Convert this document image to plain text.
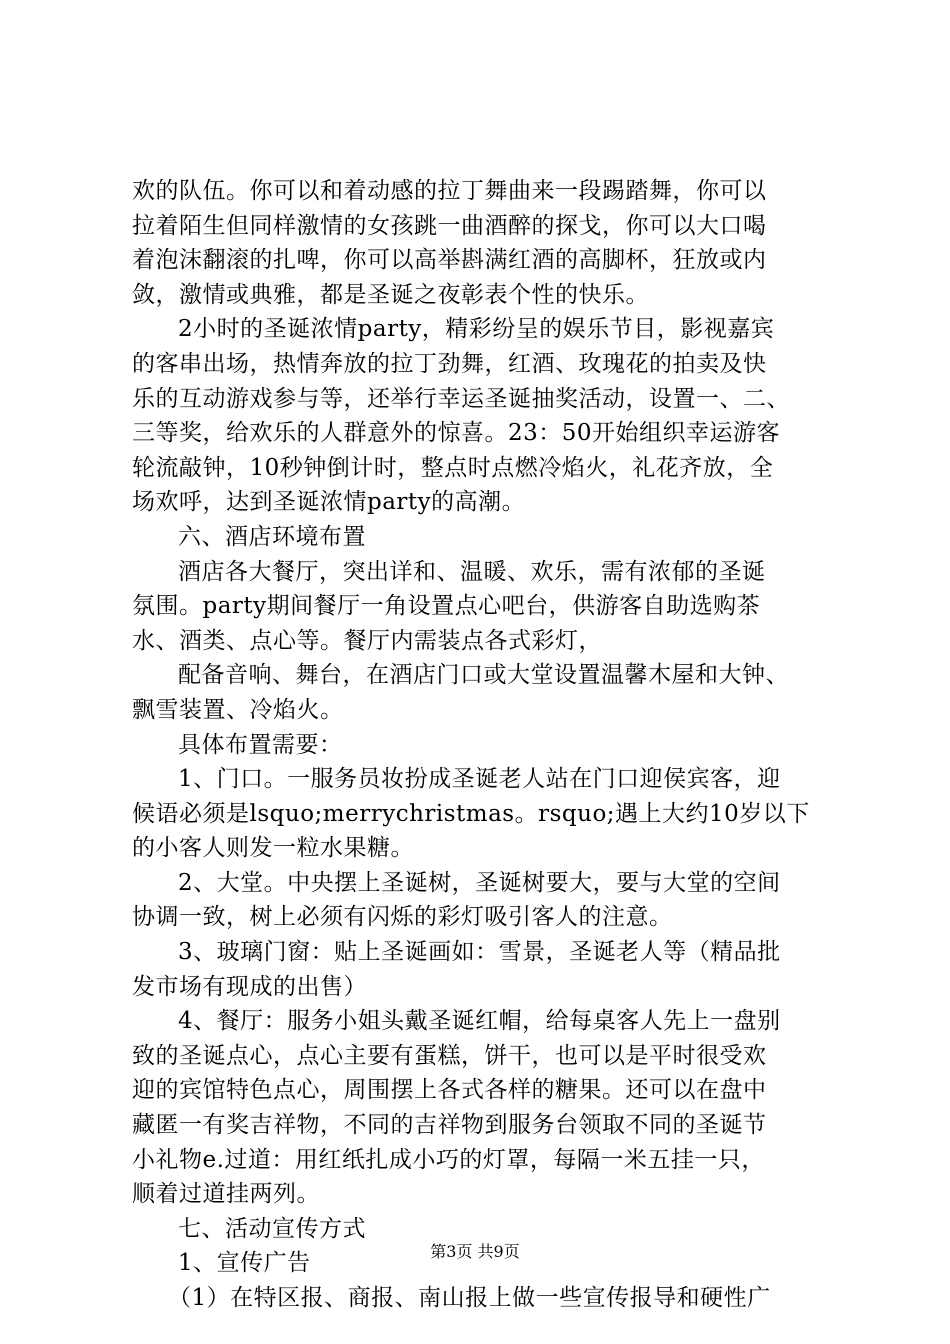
欢的队伍。你可以和着动感的拉丁舞曲来一段踢踏舞，你可以
拉着陌生但同样激情的女孩跳一曲酒醉的探戈，你可以大口喝
着泡沫翻滚的扎啤，你可以高举斟满红酒的高脚杯，狂放或内
敛，激情或典雅，都是圣诞之夜彰表个性的快乐。
2小时的圣诞浓情party，精彩纷呈的娱乐节目，影视嘉宾
的客串出场，热情奔放的拉丁劲舞，红酒、玫瑰花的拍卖及快
乐的互动游戏参与等，还举行幸运圣诞抽奖活动，设置一、二、
三等奖，给欢乐的人群意外的惊喜。23：50开始组织幸运游客
轮流敲钟，10秒钟倒计时，整点时点燃冷焰火，礼花齐放，全
场欢呼，达到圣诞浓情party的高潮。
六、酒店环境布置
酒店各大餐厅，突出详和、温暖、欢乐，需有浓郁的圣诞
氛围。party期间餐厅一角设置点心吧台，供游客自助选购茶
水、酒类、点心等。餐厅内需装点各式彩灯，
配备音响、舞台，在酒店门口或大堂设置温馨木屋和大钟、
飘雪装置、冷焰火。
具体布置需要：
1、门口。一服务员妆扮成圣诞老人站在门口迎侯宾客，迎
候语必须是lsquo;merrychristmas。rsquo;遇上大约10岁以下
的小客人则发一粒水果糖。
2、大堂。中央摆上圣诞树，圣诞树要大，要与大堂的空间
协调一致，树上必须有闪烁的彩灯吸引客人的注意。
3、玻璃门窗：贴上圣诞画如：雪景，圣诞老人等（精品批
发市场有现成的出售）
4、餐厅：服务小姐头戴圣诞红帽，给每桌客人先上一盘别
致的圣诞点心，点心主要有蛋糕，饼干，也可以是平时很受欢
迎的宾馆特色点心，周围摆上各式各样的糖果。还可以在盘中
藏匿一有奖吉祥物，不同的吉祥物到服务台领取不同的圣诞节
小礼物e.过道：用红纸扎成小巧的灯罩，每隔一米五挂一只，
顺着过道挂两列。
七、活动宣传方式
1、宣传广告
（1）在特区报、商报、南山报上做一些宣传报导和硬性广
第3页 共9页
